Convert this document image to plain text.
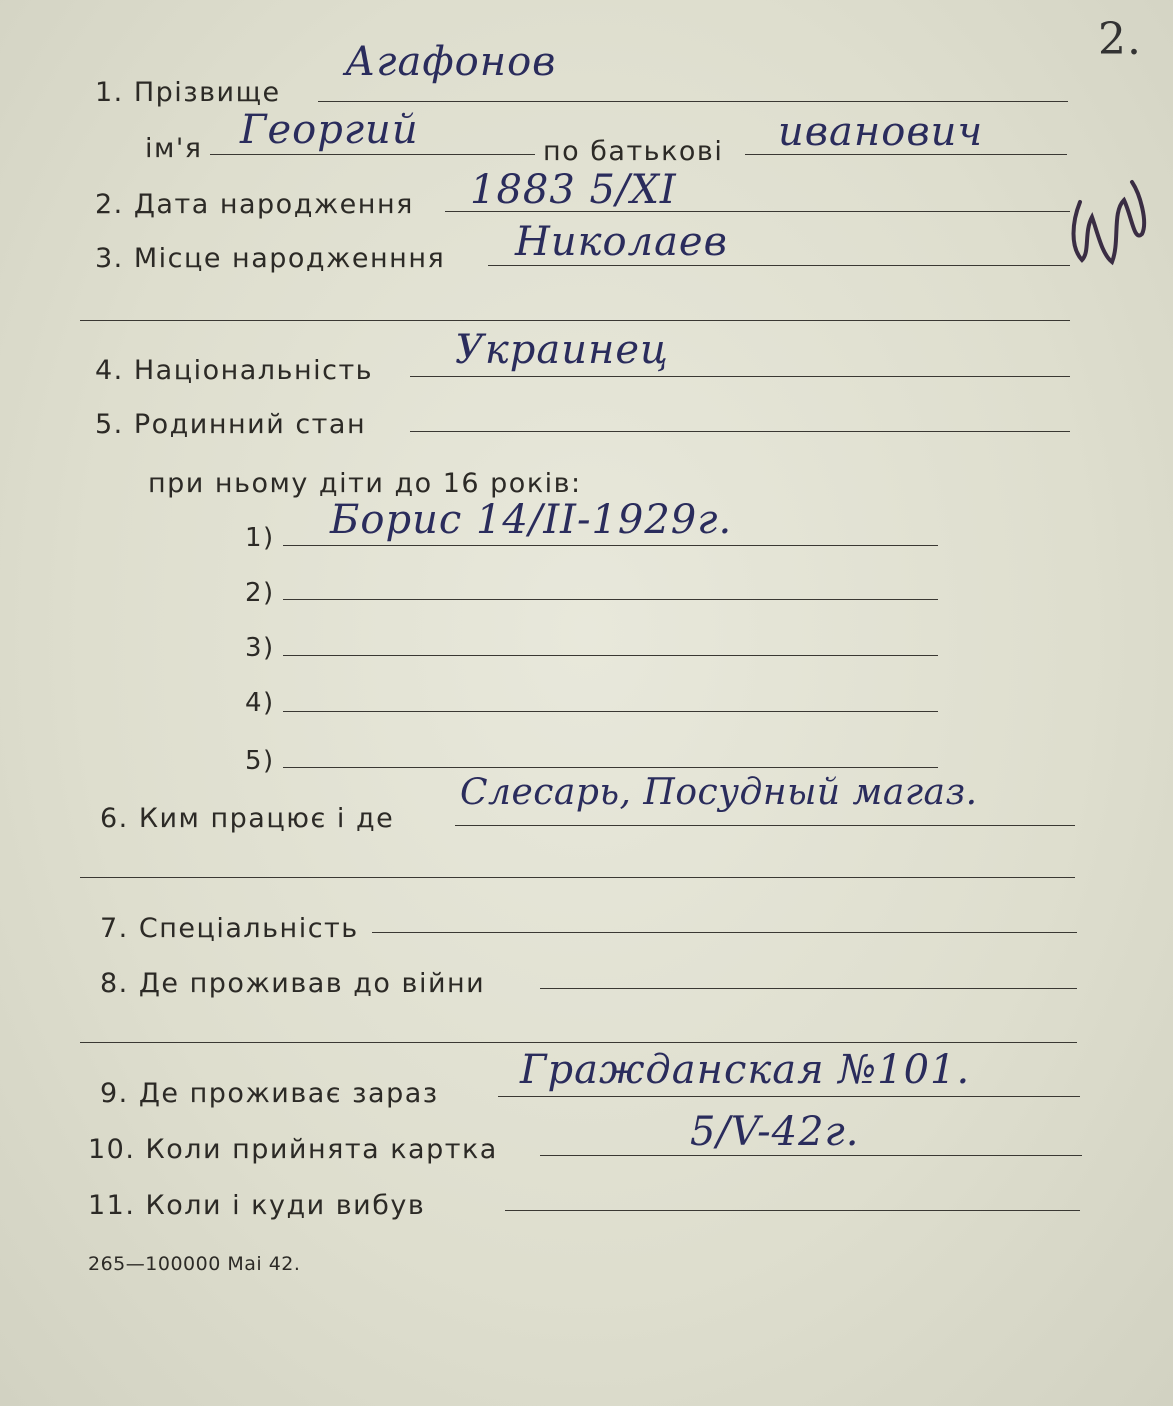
2.
1. Прізвище
Агафонов
ім'я Георгий	по батькові иванович
2. Дата народження 1883 5/XI
3. Місце народженння Николаев
4. Національність Украинец
5. Родинний стан
при ньому діти до 16 років:
1) Борис 14/II-1929г.
2)
3)
4)
5)
6. Ким працює і де
Слесарь, Посудный магаз.
7. Спеціальність
8. Де проживав до війни
9. Де проживає зараз
Гражданская №101.
10. Коли прийнята картка	5/V-42г.
11. Коли і куди вибув
265—100000 Mai 42.
